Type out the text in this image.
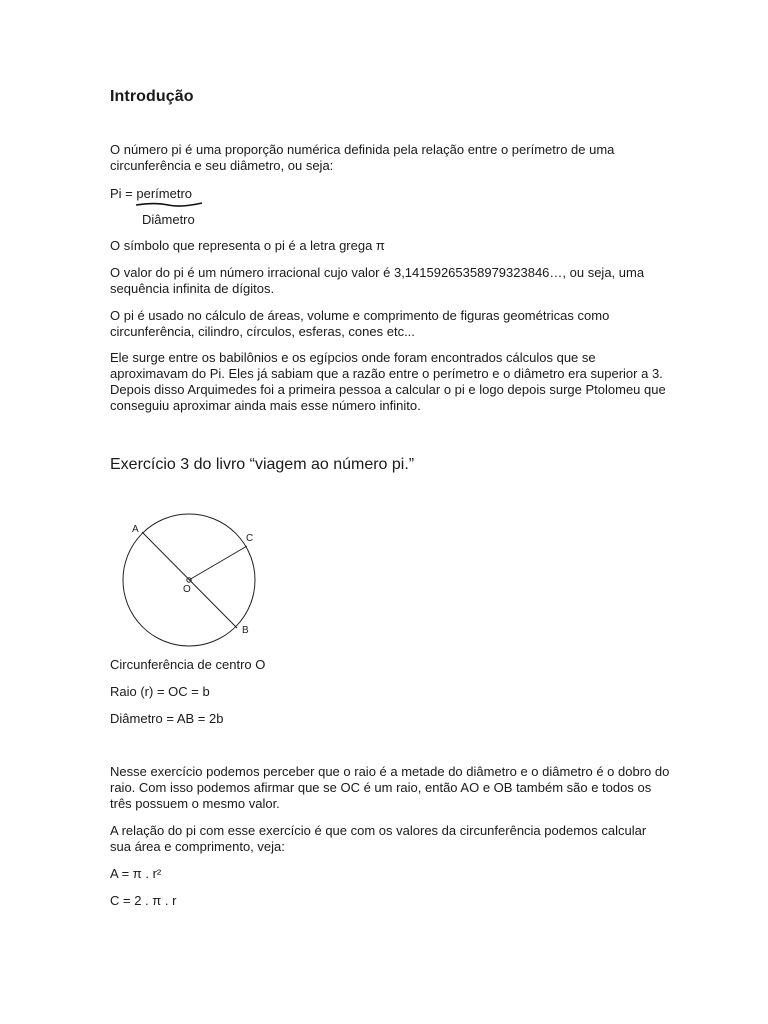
Introdução
O número pi é uma proporção numérica definida pela relação entre o perímetro de uma circunferência e seu diâmetro, ou seja:
Pi = perímetro
Diâmetro
O símbolo que representa o pi é a letra grega π
O valor do pi é um número irracional cujo valor é 3,14159265358979323846…, ou seja, uma sequência infinita de dígitos.
O pi é usado no cálculo de áreas, volume e comprimento de figuras geométricas como circunferência, cilindro, círculos, esferas, cones etc...
Ele surge entre os babilônios e os egípcios onde foram encontrados cálculos que se aproximavam do Pi. Eles já sabiam que a razão entre o perímetro e o diâmetro era superior a 3. Depois disso Arquimedes foi a primeira pessoa a calcular o pi e logo depois surge Ptolomeu que conseguiu aproximar ainda mais esse número infinito.
Exercício 3 do livro “viagem ao número pi.”
A
C
O
B
Circunferência de centro O
Raio (r) = OC = b
Diâmetro = AB = 2b
Nesse exercício podemos perceber que o raio é a metade do diâmetro e o diâmetro é o dobro do raio. Com isso podemos afirmar que se OC é um raio, então AO e OB também são e todos os três possuem o mesmo valor.
A relação do pi com esse exercício é que com os valores da circunferência podemos calcular sua área e comprimento, veja:
A = π . r²
C = 2 . π . r
